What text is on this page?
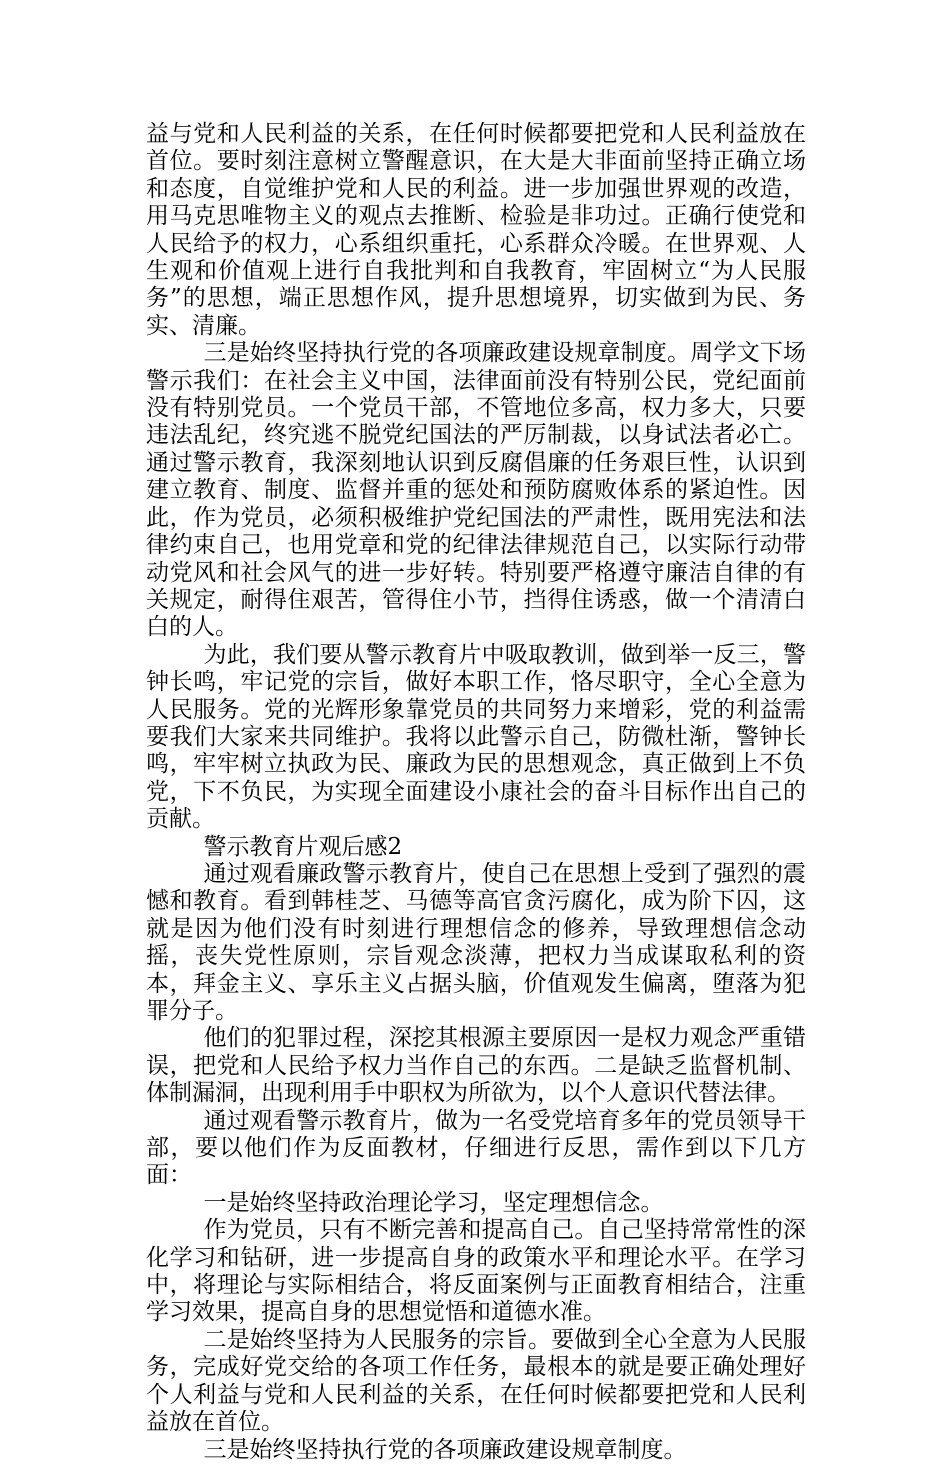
益与党和人民利益的关系，在任何时候都要把党和人民利益放在首位。要时刻注意树立警醒意识，在大是大非面前坚持正确立场和态度，自觉维护党和人民的利益。进一步加强世界观的改造，用马克思唯物主义的观点去推断、检验是非功过。正确行使党和人民给予的权力，心系组织重托，心系群众冷暖。在世界观、人生观和价值观上进行自我批判和自我教育，牢固树立“为人民服务”的思想，端正思想作风，提升思想境界，切实做到为民、务实、清廉。

三是始终坚持执行党的各项廉政建设规章制度。周学文下场警示我们：在社会主义中国，法律面前没有特别公民，党纪面前没有特别党员。一个党员干部，不管地位多高，权力多大，只要违法乱纪，终究逃不脱党纪国法的严厉制裁，以身试法者必亡。通过警示教育，我深刻地认识到反腐倡廉的任务艰巨性，认识到建立教育、制度、监督并重的惩处和预防腐败体系的紧迫性。因此，作为党员，必须积极维护党纪国法的严肃性，既用宪法和法律约束自己，也用党章和党的纪律法律规范自己，以实际行动带动党风和社会风气的进一步好转。特别要严格遵守廉洁自律的有关规定，耐得住艰苦，管得住小节，挡得住诱惑，做一个清清白白的人。

为此，我们要从警示教育片中吸取教训，做到举一反三，警钟长鸣，牢记党的宗旨，做好本职工作，恪尽职守，全心全意为人民服务。党的光辉形象靠党员的共同努力来增彩，党的利益需要我们大家来共同维护。我将以此警示自己，防微杜渐，警钟长鸣，牢牢树立执政为民、廉政为民的思想观念，真正做到上不负党，下不负民，为实现全面建设小康社会的奋斗目标作出自己的贡献。

警示教育片观后感2

通过观看廉政警示教育片，使自己在思想上受到了强烈的震憾和教育。看到韩桂芝、马德等高官贪污腐化，成为阶下囚，这就是因为他们没有时刻进行理想信念的修养，导致理想信念动摇，丧失党性原则，宗旨观念淡薄，把权力当成谋取私利的资本，拜金主义、享乐主义占据头脑，价值观发生偏离，堕落为犯罪分子。

他们的犯罪过程，深挖其根源主要原因一是权力观念严重错误，把党和人民给予权力当作自己的东西。二是缺乏监督机制、体制漏洞，出现利用手中职权为所欲为，以个人意识代替法律。

通过观看警示教育片，做为一名受党培育多年的党员领导干部，要以他们作为反面教材，仔细进行反思，需作到以下几方面：

一是始终坚持政治理论学习，坚定理想信念。

作为党员，只有不断完善和提高自己。自己坚持常常性的深化学习和钻研，进一步提高自身的政策水平和理论水平。在学习中，将理论与实际相结合，将反面案例与正面教育相结合，注重学习效果，提高自身的思想觉悟和道德水准。

二是始终坚持为人民服务的宗旨。要做到全心全意为人民服务，完成好党交给的各项工作任务，最根本的就是要正确处理好个人利益与党和人民利益的关系，在任何时候都要把党和人民利益放在首位。

三是始终坚持执行党的各项廉政建设规章制度。
